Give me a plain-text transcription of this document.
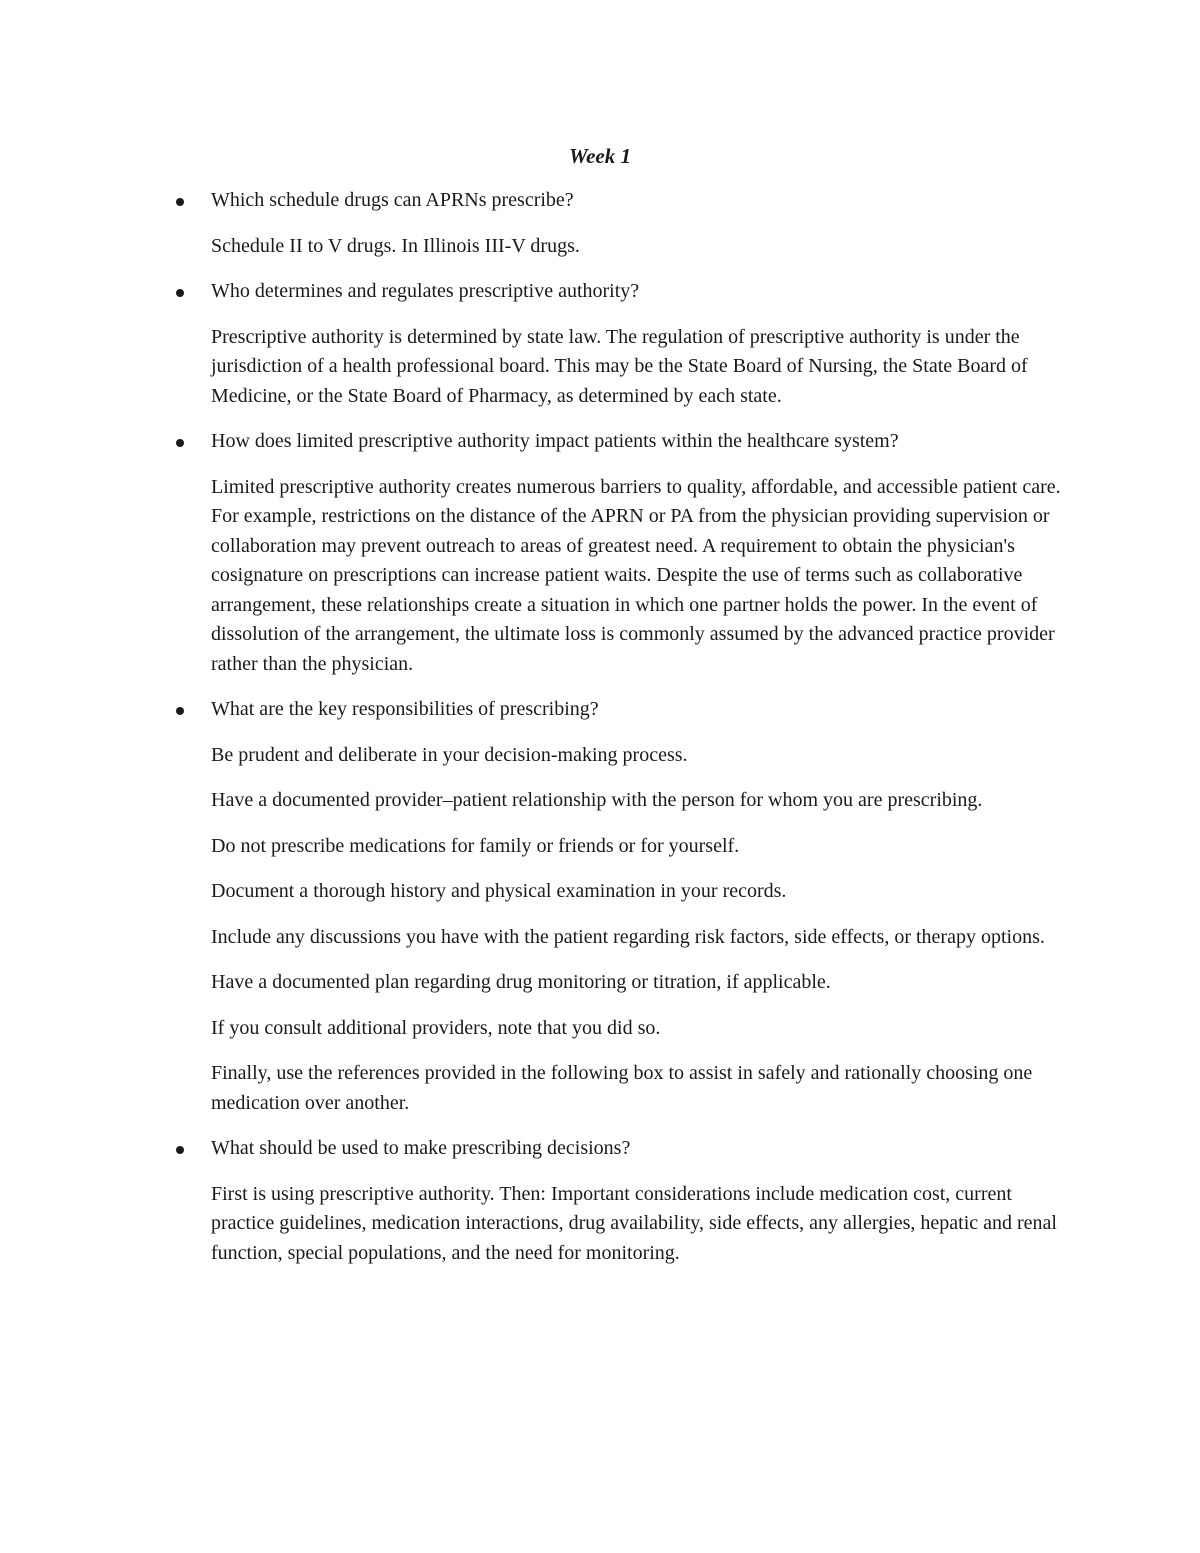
Week 1
Which schedule drugs can APRNs prescribe?
Schedule II to V drugs. In Illinois III-V drugs.
Who determines and regulates prescriptive authority?
Prescriptive authority is determined by state law. The regulation of prescriptive authority is under the jurisdiction of a health professional board. This may be the State Board of Nursing, the State Board of Medicine, or the State Board of Pharmacy, as determined by each state.
How does limited prescriptive authority impact patients within the healthcare system?
Limited prescriptive authority creates numerous barriers to quality, affordable, and accessible patient care. For example, restrictions on the distance of the APRN or PA from the physician providing supervision or collaboration may prevent outreach to areas of greatest need. A requirement to obtain the physician's cosignature on prescriptions can increase patient waits. Despite the use of terms such as collaborative arrangement, these relationships create a situation in which one partner holds the power. In the event of dissolution of the arrangement, the ultimate loss is commonly assumed by the advanced practice provider rather than the physician.
What are the key responsibilities of prescribing?
Be prudent and deliberate in your decision-making process.
Have a documented provider–patient relationship with the person for whom you are prescribing.
Do not prescribe medications for family or friends or for yourself.
Document a thorough history and physical examination in your records.
Include any discussions you have with the patient regarding risk factors, side effects, or therapy options.
Have a documented plan regarding drug monitoring or titration, if applicable.
If you consult additional providers, note that you did so.
Finally, use the references provided in the following box to assist in safely and rationally choosing one medication over another.
What should be used to make prescribing decisions?
First is using prescriptive authority. Then: Important considerations include medication cost, current practice guidelines, medication interactions, drug availability, side effects, any allergies, hepatic and renal function, special populations, and the need for monitoring.
